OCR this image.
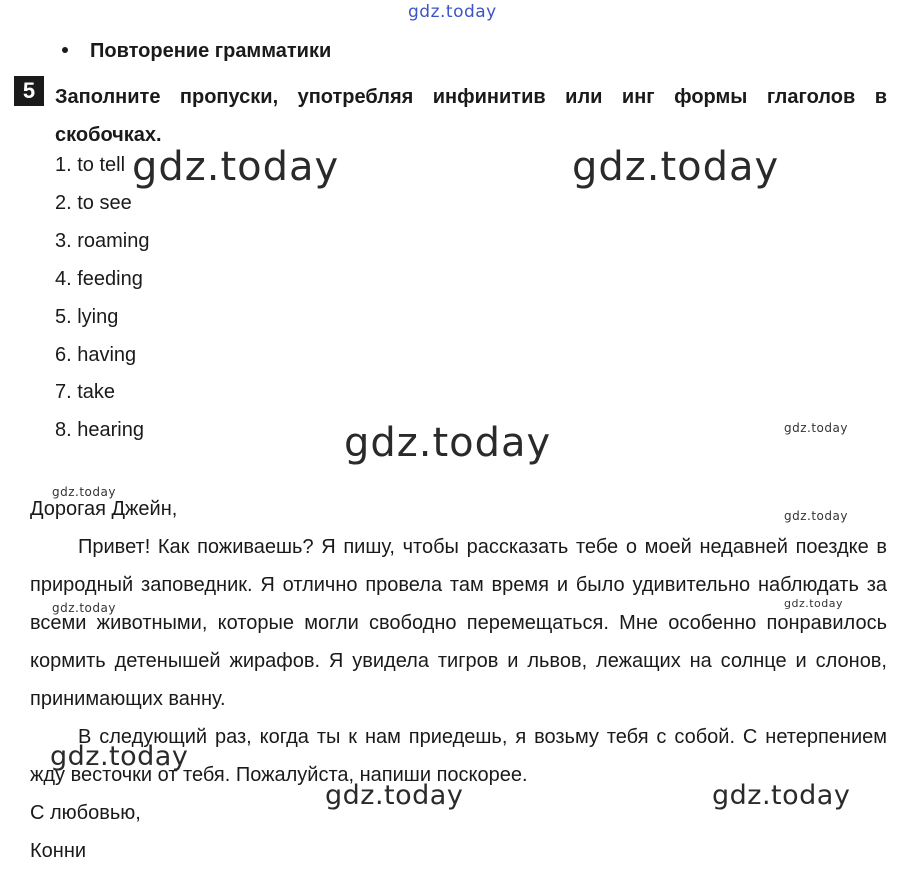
gdz.today
Повторение грамматики
5 Заполните пропуски, употребляя инфинитив или инг формы глаголов в скобочках.
1. to tell
2. to see
3. roaming
4. feeding
5. lying
6. having
7. take
8. hearing

Дорогая Джейн,

Привет! Как поживаешь? Я пишу, чтобы рассказать тебе о моей недавней поездке в природный заповедник. Я отлично провела там время и было удивительно наблюдать за всеми животными, которые могли свободно перемещаться. Мне особенно понравилось кормить детенышей жирафов. Я увидела тигров и львов, лежащих на солнце и слонов, принимающих ванну.

В следующий раз, когда ты к нам приедешь, я возьму тебя с собой. С нетерпением жду весточки от тебя. Пожалуйста, напиши поскорее.

С любовью,

Конни

gdz.today	gdz.today
gdz.today
gdz.today
gdz.today	gdz.today
gdz.today
gdz.today
gdz.today
gdz.today	gdz.today
